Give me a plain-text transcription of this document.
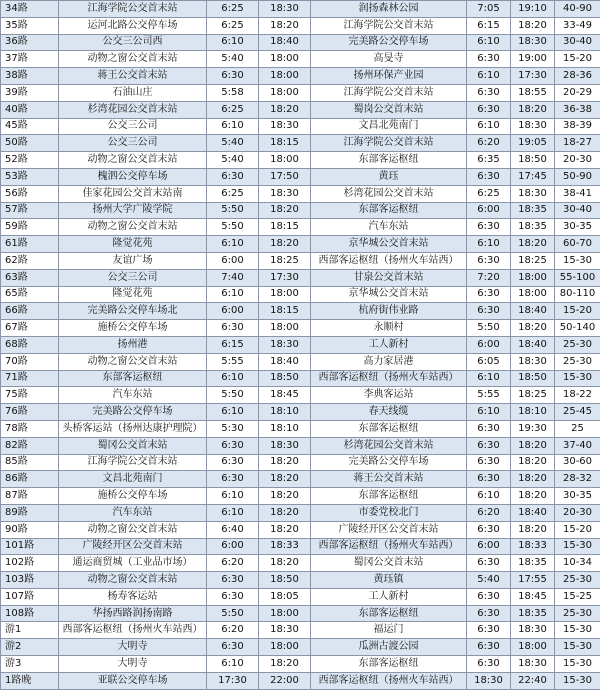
34路	江海学院公交首末站	6:25	18:30	润扬森林公园	7:05	19:10	40-90
35路	运河北路公交停车场	6:25	18:20	江海学院公交首末站	6:15	18:20	33-49
36路	公交三公司西	6:10	18:40	完美路公交停车场	6:10	18:30	30-40
37路	动物之窗公交首末站	5:40	18:00	高旻寺	6:30	19:00	15-20
38路	蒋王公交首末站	6:30	18:00	扬州环保产业园	6:10	17:30	28-36
39路	石油山庄	5:58	18:00	江海学院公交首末站	6:30	18:55	20-29
40路	杉湾花园公交首末站	6:25	18:20	蜀岗公交首末站	6:30	18:20	36-38
45路	公交三公司	6:10	18:30	文昌北苑南门	6:10	18:30	38-39
50路	公交三公司	5:40	18:15	江海学院公交首末站	6:20	19:05	18-27
52路	动物之窗公交首末站	5:40	18:00	东部客运枢纽	6:35	18:50	20-30
53路	槐泗公交停车场	6:30	17:50	黄珏	6:30	17:45	50-90
56路	佳家花园公交首末站南	6:25	18:30	杉湾花园公交首末站	6:25	18:30	38-41
57路	扬州大学广陵学院	5:50	18:20	东部客运枢纽	6:00	18:35	30-40
59路	动物之窗公交首末站	5:50	18:15	汽车东站	6:30	18:35	30-35
61路	隆觉花苑	6:10	18:20	京华城公交首末站	6:10	18:20	60-70
62路	友谊广场	6:00	18:25	西部客运枢纽（扬州火车站西）	6:30	18:25	15-30
63路	公交三公司	7:40	17:30	甘泉公交首末站	7:20	18:00	55-100
65路	隆觉花苑	6:10	18:00	京华城公交首末站	6:30	18:00	80-110
66路	完美路公交停车场北	6:00	18:15	杭府街伟业路	6:30	18:40	15-20
67路	施桥公交停车场	6:30	18:00	永顺村	5:50	18:20	50-140
68路	扬州港	6:15	18:30	工人新村	6:00	18:40	25-30
70路	动物之窗公交首末站	5:55	18:40	高力家居港	6:05	18:30	25-30
71路	东部客运枢纽	6:10	18:50	西部客运枢纽（扬州火车站西）	6:10	18:50	15-30
75路	汽车东站	5:50	18:45	李典客运站	5:55	18:25	18-22
76路	完美路公交停车场	6:10	18:10	春天线缆	6:10	18:10	25-45
78路	头桥客运站（扬州达康护理院）	5:30	18:10	东部客运枢纽	6:30	19:30	25
82路	蜀冈公交首末站	6:30	18:30	杉湾花园公交首末站	6:30	18:20	37-40
85路	江海学院公交首末站	6:30	18:20	完美路公交停车场	6:30	18:20	30-60
86路	文昌北苑南门	6:30	18:20	蒋王公交首末站	6:30	18:20	28-32
87路	施桥公交停车场	6:10	18:20	东部客运枢纽	6:10	18:20	30-35
89路	汽车东站	6:10	18:20	市委党校北门	6:20	18:40	20-30
90路	动物之窗公交首末站	6:40	18:20	广陵经开区公交首末站	6:30	18:20	15-20
101路	广陵经开区公交首末站	6:00	18:33	西部客运枢纽（扬州火车站西）	6:00	18:33	15-30
102路	通运商贸城（工业品市场）	6:20	18:20	蜀冈公交首末站	6:30	18:35	10-34
103路	动物之窗公交首末站	6:30	18:50	黄珏镇	5:40	17:55	25-30
107路	杨寿客运站	6:30	18:05	工人新村	6:30	18:45	15-25
108路	华扬西路润扬南路	5:50	18:00	东部客运枢纽	6:30	18:35	25-30
游1	西部客运枢纽（扬州火车站西）	6:20	18:30	福运门	6:30	18:30	15-30
游2	大明寺	6:30	18:00	瓜洲古渡公园	6:30	18:00	15-30
游3	大明寺	6:10	18:20	东部客运枢纽	6:30	18:30	15-30
1路晚	亚联公交停车场	17:30	22:00	西部客运枢纽（扬州火车站西）	18:30	22:40	15-30
